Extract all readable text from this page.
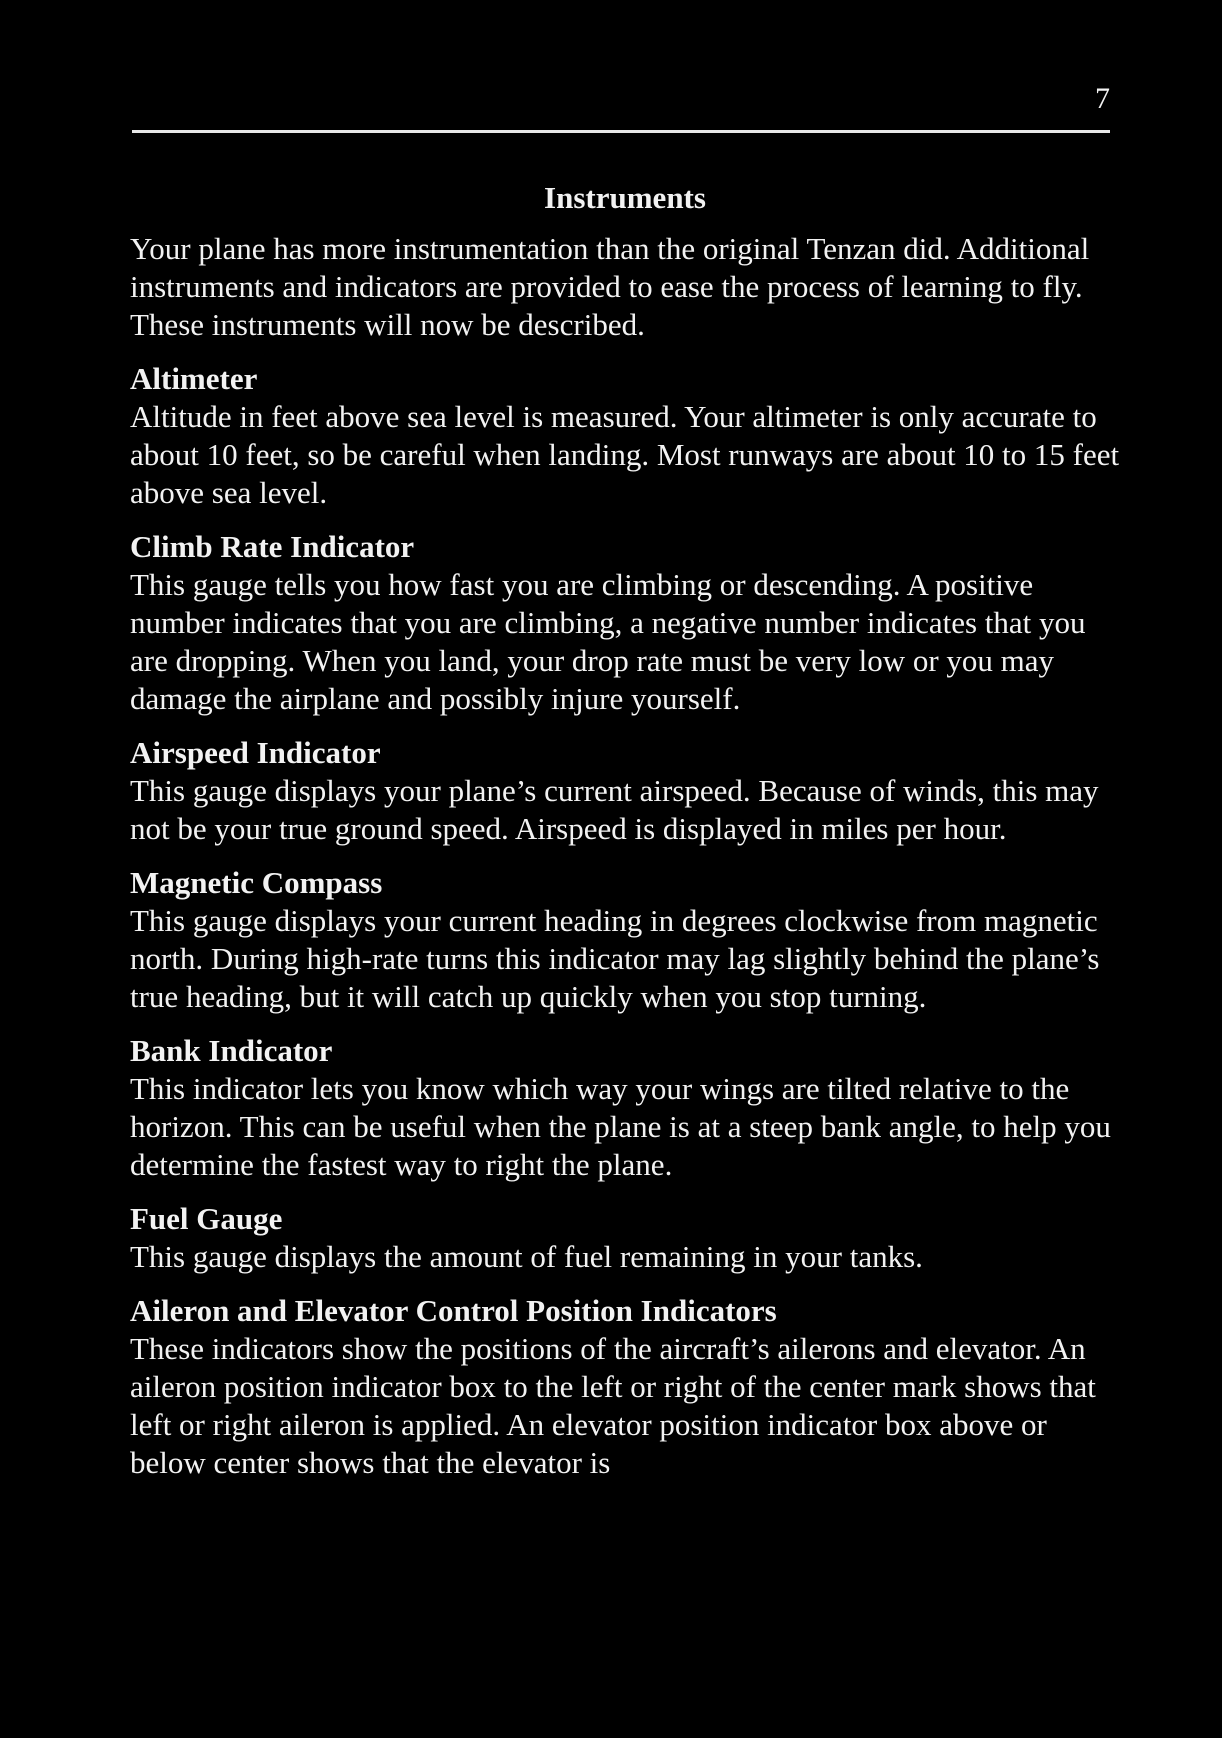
7
Instruments

Your plane has more instrumentation than the original Tenzan did. Additional instruments and indicators are provided to ease the process of learning to fly. These instruments will now be described.

Altimeter

Altitude in feet above sea level is measured. Your altimeter is only accurate to about 10 feet, so be careful when landing. Most runways are about 10 to 15 feet above sea level.

Climb Rate Indicator

This gauge tells you how fast you are climbing or descending. A positive number indicates that you are climbing, a negative number indicates that you are dropping. When you land, your drop rate must be very low or you may damage the airplane and possibly injure yourself.

Airspeed Indicator

This gauge displays your plane’s current airspeed. Because of winds, this may not be your true ground speed. Airspeed is displayed in miles per hour.

Magnetic Compass

This gauge displays your current heading in degrees clockwise from magnetic north. During high-rate turns this indicator may lag slightly behind the plane’s true heading, but it will catch up quickly when you stop turning.

Bank Indicator

This indicator lets you know which way your wings are tilted relative to the horizon. This can be useful when the plane is at a steep bank angle, to help you determine the fastest way to right the plane.

Fuel Gauge

This gauge displays the amount of fuel remaining in your tanks.

Aileron and Elevator Control Position Indicators

These indicators show the positions of the aircraft’s ailerons and elevator. An aileron position indicator box to the left or right of the center mark shows that left or right aileron is applied. An elevator position indicator box above or below center shows that the elevator is
